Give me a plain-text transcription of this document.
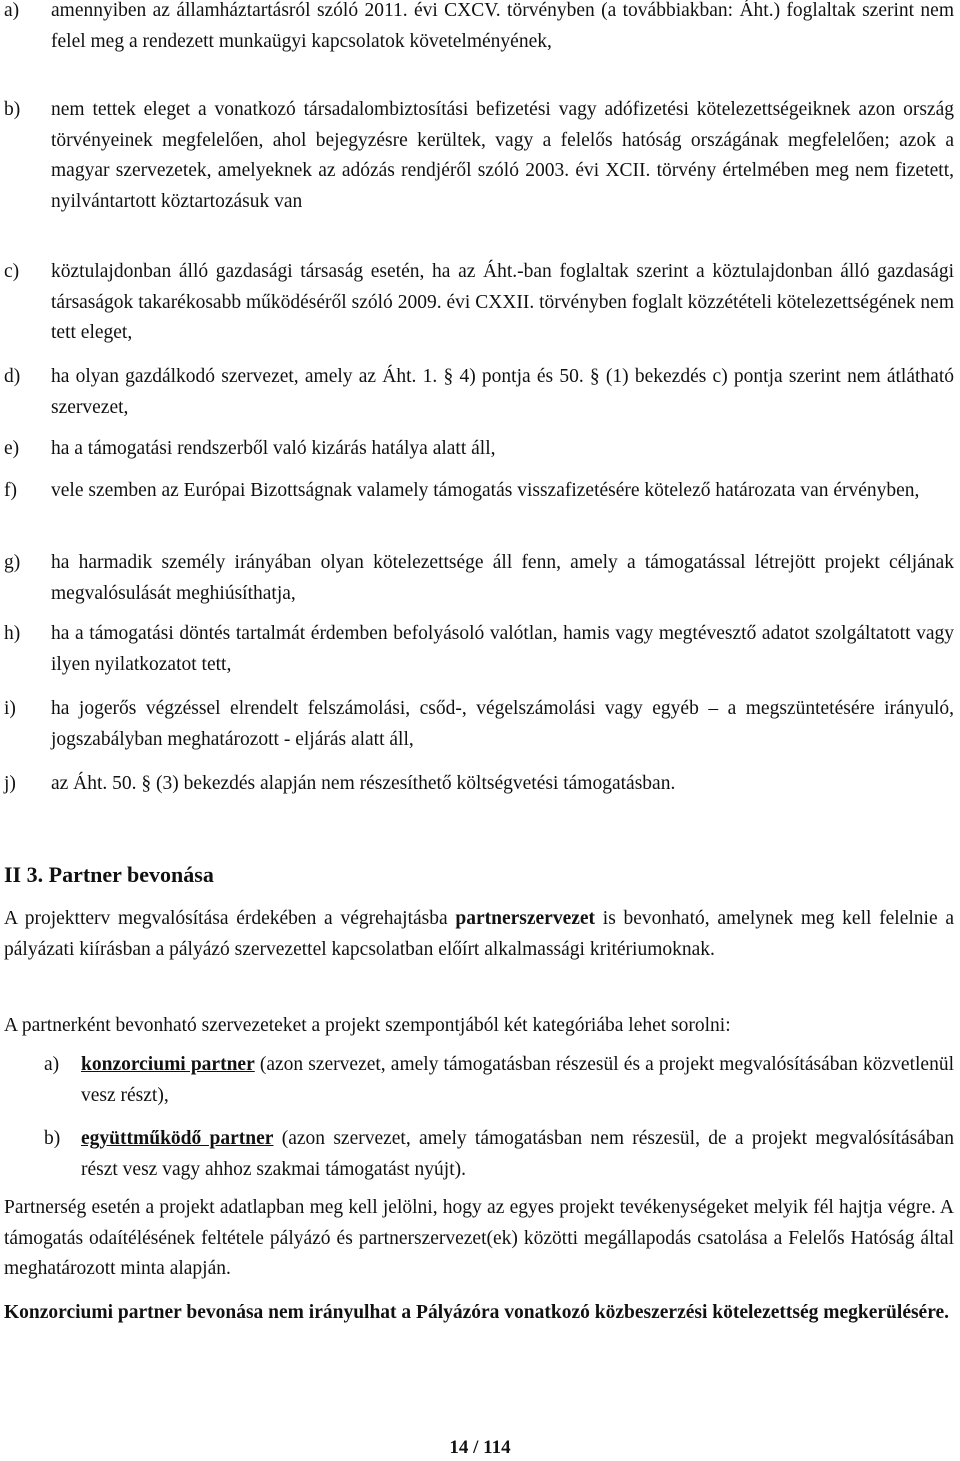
a)	amennyiben az államháztartásról szóló 2011. évi CXCV. törvényben (a továbbiakban: Áht.) foglaltak szerint nem felel meg a rendezett munkaügyi kapcsolatok követelményének,
b)	nem tettek eleget a vonatkozó társadalombiztosítási befizetési vagy adófizetési kötelezettségeiknek azon ország törvényeinek megfelelően, ahol bejegyzésre kerültek, vagy a felelős hatóság országának megfelelően; azok a magyar szervezetek, amelyeknek az adózás rendjéről szóló 2003. évi XCII. törvény értelmében meg nem fizetett, nyilvántartott köztartozásuk van
c)	köztulajdonban álló gazdasági társaság esetén, ha az Áht.-ban foglaltak szerint a köztulajdonban álló gazdasági társaságok takarékosabb működéséről szóló 2009. évi CXXII. törvényben foglalt közzétételi kötelezettségének nem tett eleget,
d)	ha olyan gazdálkodó szervezet, amely az Áht. 1. § 4) pontja és 50. § (1) bekezdés c) pontja szerint nem átlátható szervezet,
e)	ha a támogatási rendszerből való kizárás hatálya alatt áll,
f)	vele szemben az Európai Bizottságnak valamely támogatás visszafizetésére kötelező határozata van érvényben,
g)	ha harmadik személy irányában olyan kötelezettsége áll fenn, amely a támogatással létrejött projekt céljának megvalósulását meghiúsíthatja,
h)	ha a támogatási döntés tartalmát érdemben befolyásoló valótlan, hamis vagy megtévesztő adatot szolgáltatott vagy ilyen nyilatkozatot tett,
i)	ha jogerős végzéssel elrendelt felszámolási, csőd-, végelszámolási vagy egyéb – a megszüntetésére irányuló, jogszabályban meghatározott - eljárás alatt áll,
j)	az Áht. 50. § (3) bekezdés alapján nem részesíthető költségvetési támogatásban.
II 3. Partner bevonása
A projektterv megvalósítása érdekében a végrehajtásba partnerszervezet is bevonható, amelynek meg kell felelnie a pályázati kiírásban a pályázó szervezettel kapcsolatban előírt alkalmassági kritériumoknak.
A partnerként bevonható szervezeteket a projekt szempontjából két kategóriába lehet sorolni:
a)	konzorciumi partner (azon szervezet, amely támogatásban részesül és a projekt megvalósításában közvetlenül vesz részt),
b)	együttműködő partner (azon szervezet, amely támogatásban nem részesül, de a projekt megvalósításában részt vesz vagy ahhoz szakmai támogatást nyújt).
Partnerség esetén a projekt adatlapban meg kell jelölni, hogy az egyes projekt tevékenységeket melyik fél hajtja végre. A támogatás odaítélésének feltétele pályázó és partnerszervezet(ek) közötti megállapodás csatolása a Felelős Hatóság által meghatározott minta alapján.
Konzorciumi partner bevonása nem irányulhat a Pályázóra vonatkozó közbeszerzési kötelezettség megkerülésére.
14 / 114
